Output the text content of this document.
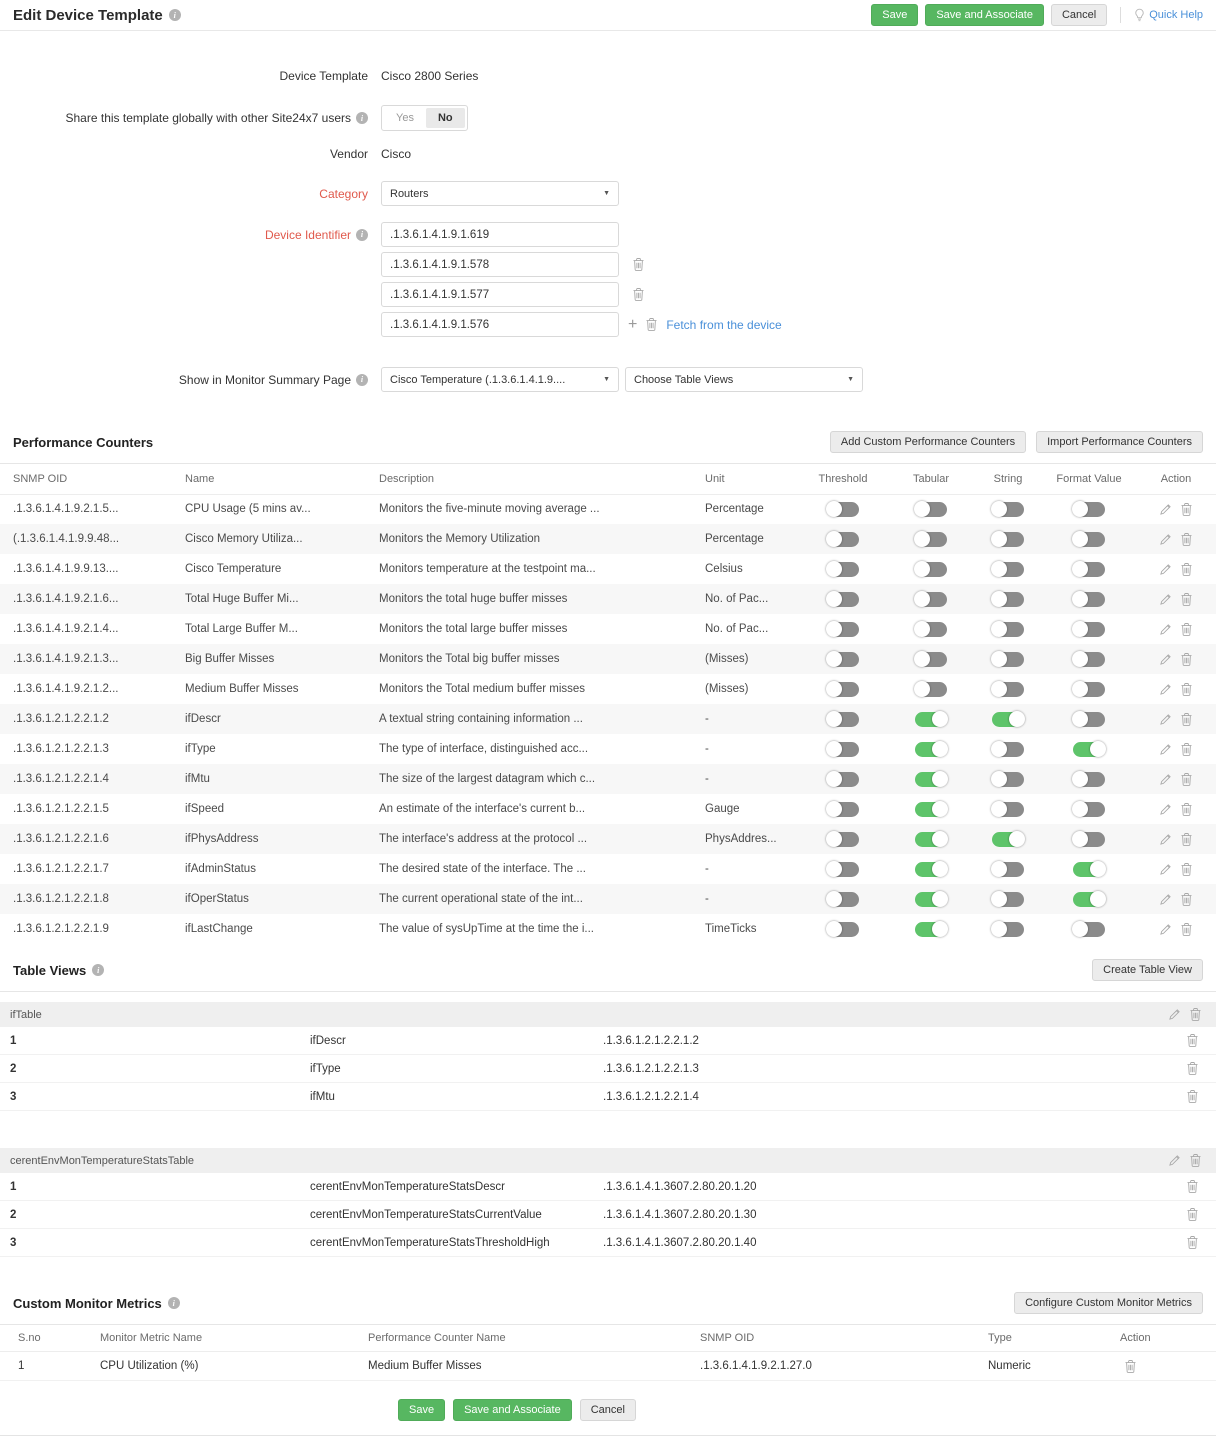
Edit Device Template	i	Save	Save and Associate	Cancel	Quick Help
Device Template	Cisco 2800 Series
Share this template globally with other Site24x7 users	i	Yes	No
Vendor	Cisco
Category	Routers	▼
Device Identifier	i
.1.3.6.1.4.1.9.1.619
.1.3.6.1.4.1.9.1.578
.1.3.6.1.4.1.9.1.577
.1.3.6.1.4.1.9.1.576
+ Fetch from the device
Show in Monitor Summary Page	i	Cisco Temperature (.1.3.6.1.4.1.9....	▼ Choose Table Views	▼
Performance Counters	Add Custom Performance Counters	Import Performance Counters
SNMP OID	Name	Description	Unit	Threshold	Tabular	String	Format Value	Action
.1.3.6.1.4.1.9.2.1.5...	CPU Usage (5 mins av...	Monitors the five-minute moving average ...	Percentage					

(.1.3.6.1.4.1.9.9.48...	Cisco Memory Utiliza...	Monitors the Memory Utilization	Percentage					

.1.3.6.1.4.1.9.9.13....	Cisco Temperature	Monitors temperature at the testpoint ma...	Celsius					

.1.3.6.1.4.1.9.2.1.6...	Total Huge Buffer Mi...	Monitors the total huge buffer misses	No. of Pac...					

.1.3.6.1.4.1.9.2.1.4...	Total Large Buffer M...	Monitors the total large buffer misses	No. of Pac...					

.1.3.6.1.4.1.9.2.1.3...	Big Buffer Misses	Monitors the Total big buffer misses	(Misses)					

.1.3.6.1.4.1.9.2.1.2...	Medium Buffer Misses	Monitors the Total medium buffer misses	(Misses)					

.1.3.6.1.2.1.2.2.1.2	ifDescr	A textual string containing information ...	-					

.1.3.6.1.2.1.2.2.1.3	ifType	The type of interface, distinguished acc...	-					

.1.3.6.1.2.1.2.2.1.4	ifMtu	The size of the largest datagram which c...	-					

.1.3.6.1.2.1.2.2.1.5	ifSpeed	An estimate of the interface's current b...	Gauge					

.1.3.6.1.2.1.2.2.1.6	ifPhysAddress	The interface's address at the protocol ...	PhysAddres...					

.1.3.6.1.2.1.2.2.1.7	ifAdminStatus	The desired state of the interface. The ...	-					

.1.3.6.1.2.1.2.2.1.8	ifOperStatus	The current operational state of the int...	-					

.1.3.6.1.2.1.2.2.1.9	ifLastChange	The value of sysUpTime at the time the i...	TimeTicks					
Table Views	i	Create Table View
ifTable
1	ifDescr	.1.3.6.1.2.1.2.2.1.2
2	ifType	.1.3.6.1.2.1.2.2.1.3
3	ifMtu	.1.3.6.1.2.1.2.2.1.4
cerentEnvMonTemperatureStatsTable
1	cerentEnvMonTemperatureStatsDescr	.1.3.6.1.4.1.3607.2.80.20.1.20
2	cerentEnvMonTemperatureStatsCurrentValue	.1.3.6.1.4.1.3607.2.80.20.1.30
3	cerentEnvMonTemperatureStatsThresholdHigh	.1.3.6.1.4.1.3607.2.80.20.1.40
Custom Monitor Metrics	i	Configure Custom Monitor Metrics
S.no	Monitor Metric Name	Performance Counter Name	SNMP OID	Type	Action
1	CPU Utilization (%)	Medium Buffer Misses	.1.3.6.1.4.1.9.2.1.27.0	Numeric
Save	Save and Associate	Cancel
